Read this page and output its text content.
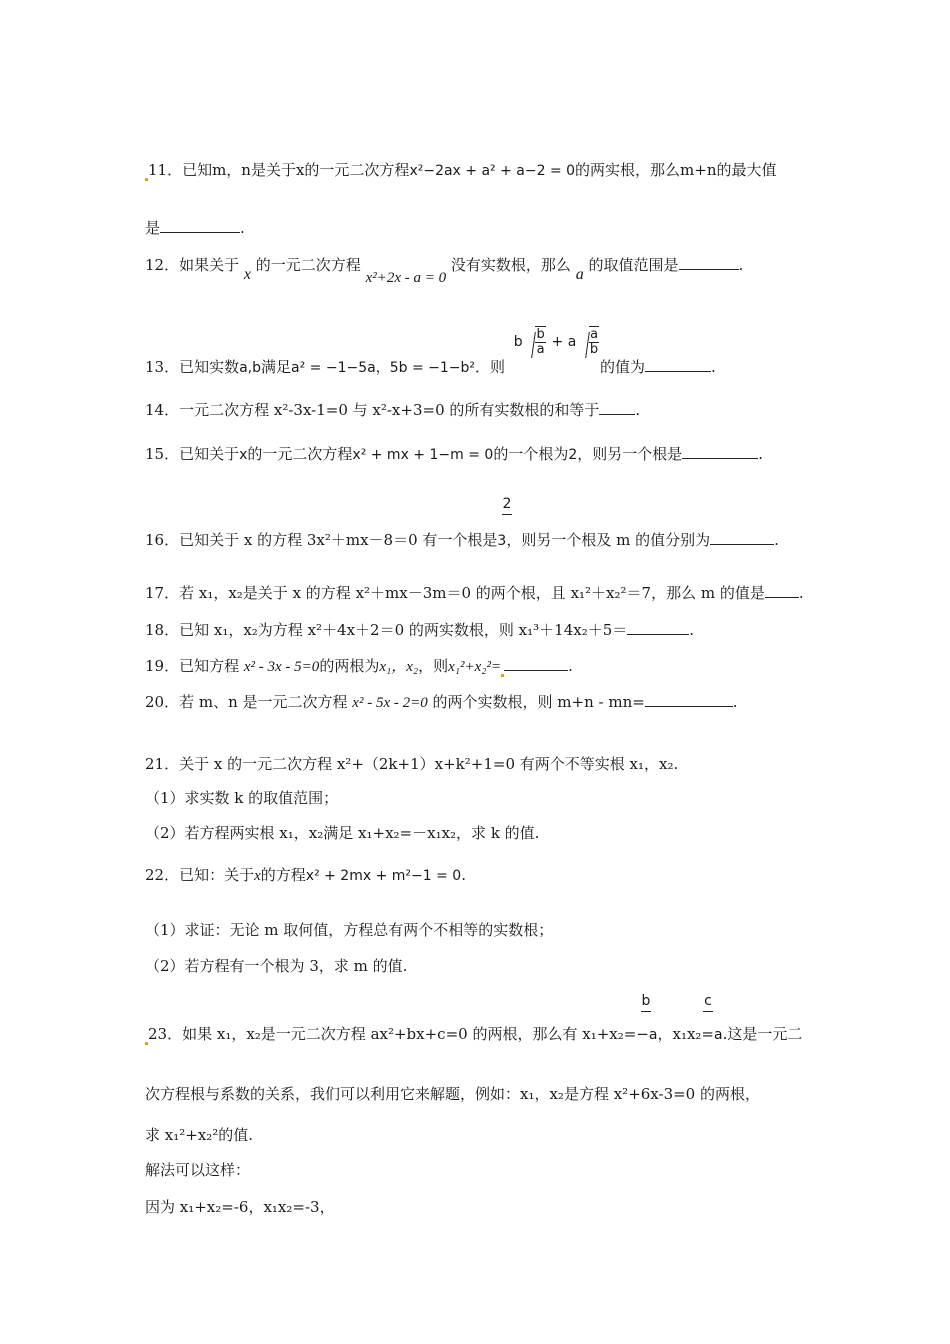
11．已知m，n是关于x的一元二次方程x²−2ax + a² + a−2 = 0的两实根，那么m+n的最大值
是	.
12．如果关于 x 的一元二次方程 x²+2x - a = 0 没有实数根，那么 a 的取值范围是	.
13．已知实数a,b满足a² = −1−5a，5b = −1−b²．则 b $\frac{b}{a} + a \frac{a}{b}$
的值为	.
14．一元二次方程 x²-3x-1=0 与 x²-x+3=0 的所有实数根的和等于 .
15．已知关于x的一元二次方程x² + mx + 1−m = 0的一个根为2，则另一个根是	.
2
16．已知关于 x 的方程 3x²＋mx－8＝0 有一个根是3，则另一个根及 m 的值分别为	.
17．若 x₁，x₂是关于 x 的方程 x²＋mx－3m＝0 的两个根，且 x₁²＋x₂²＝7，那么 m 的值是 .
18．已知 x₁，x₂为方程 x²＋4x＋2＝0 的两实数根，则 x₁³＋14x₂＋5＝	.
19．已知方程 x² - 3x - 5=0的两根为x₁，x₂，则x₁²+x₂²=	.
20．若 m、n 是一元二次方程 x² - 5x - 2=0 的两个实数根，则 m+n - mn=	.
21．关于 x 的一元二次方程 x²+（2k+1）x+k²+1=0 有两个不等实根 x₁，x₂.
（1）求实数 k 的取值范围；
（2）若方程两实根 x₁，x₂满足 x₁+x₂=－x₁x₂，求 k 的值.
22．已知：关于x的方程x² + 2mx + m²−1 = 0.
（1）求证：无论 m 取何值，方程总有两个不相等的实数根；
（2）若方程有一个根为 3，求 m 的值.
b	c
23．如果 x₁，x₂是一元二次方程 ax²+bx+c=0 的两根，那么有 x₁+x₂=−a，x₁x₂=a.这是一元二
次方程根与系数的关系，我们可以利用它来解题，例如：x₁，x₂是方程 x²+6x-3=0 的两根，
求 x₁²+x₂²的值.
解法可以这样：
因为 x₁+x₂=-6，x₁x₂=-3，
